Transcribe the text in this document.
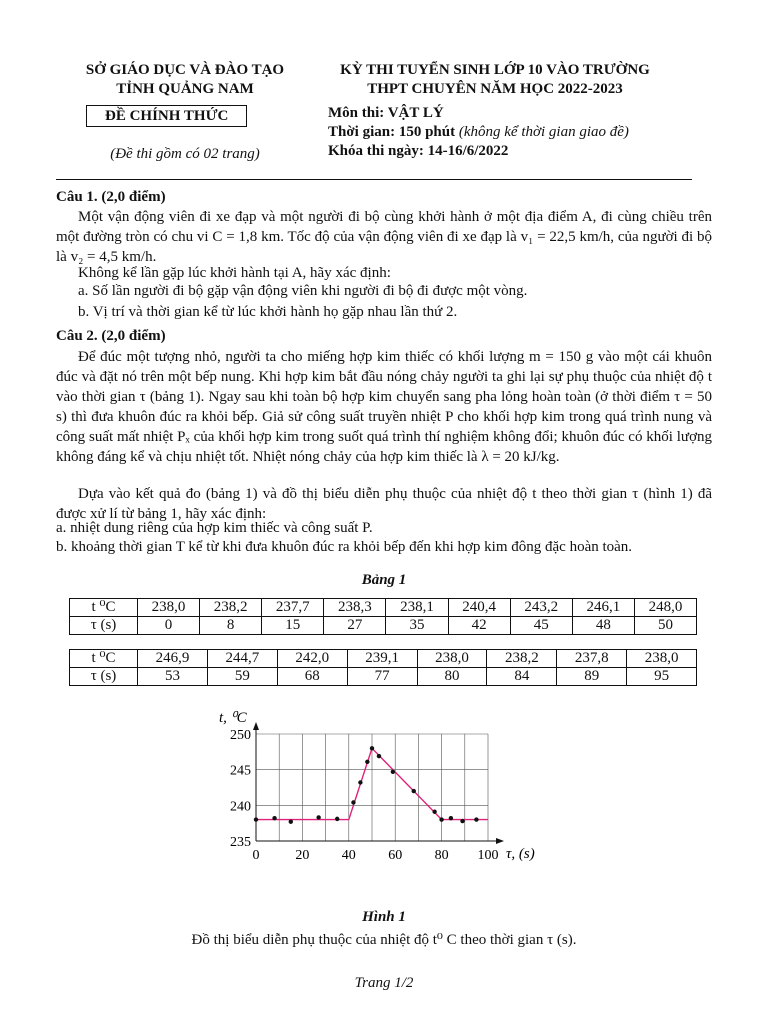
SỞ GIÁO DỤC VÀ ĐÀO TẠO
TỈNH QUẢNG NAM
ĐỀ CHÍNH THỨC
(Đề thi gồm có 02 trang)
KỲ THI TUYỂN SINH LỚP 10 VÀO TRƯỜNG
THPT CHUYÊN NĂM HỌC 2022-2023
Môn thi: VẬT LÝ
Thời gian: 150 phút (không kể thời gian giao đề)
Khóa thi ngày: 14-16/6/2022
Câu 1. (2,0 điểm)
Một vận động viên đi xe đạp và một người đi bộ cùng khởi hành ở một địa điểm A, đi cùng chiều trên một đường tròn có chu vi C = 1,8 km. Tốc độ của vận động viên đi xe đạp là v₁ = 22,5 km/h, của người đi bộ là v₂ = 4,5 km/h.
Không kể lần gặp lúc khởi hành tại A, hãy xác định:
a. Số lần người đi bộ gặp vận động viên khi người đi bộ đi được một vòng.
b. Vị trí và thời gian kể từ lúc khởi hành họ gặp nhau lần thứ 2.
Câu 2. (2,0 điểm)
Để đúc một tượng nhỏ, người ta cho miếng hợp kim thiếc có khối lượng m = 150 g vào một cái khuôn đúc và đặt nó trên một bếp nung. Khi hợp kim bắt đầu nóng chảy người ta ghi lại sự phụ thuộc của nhiệt độ t vào thời gian τ (bảng 1). Ngay sau khi toàn bộ hợp kim chuyển sang pha lỏng hoàn toàn (ở thời điểm τ = 50 s) thì đưa khuôn đúc ra khỏi bếp. Giả sử công suất truyền nhiệt P cho khối hợp kim trong quá trình nung và công suất mất nhiệt Pₓ của khối hợp kim trong suốt quá trình thí nghiệm không đổi; khuôn đúc có khối lượng không đáng kể và chịu nhiệt tốt. Nhiệt nóng chảy của hợp kim thiếc là λ = 20 kJ/kg.
Dựa vào kết quả đo (bảng 1) và đồ thị biểu diễn phụ thuộc của nhiệt độ t theo thời gian τ (hình 1) đã được xử lí từ bảng 1, hãy xác định:
a. nhiệt dung riêng của hợp kim thiếc và công suất P.
b. khoảng thời gian T kể từ khi đưa khuôn đúc ra khỏi bếp đến khi hợp kim đông đặc hoàn toàn.
Bảng 1
t ⁰C	238,0	238,2	237,7	238,3	238,1	240,4	243,2	246,1	248,0
τ (s)	0	8	15	27	35	42	45	48	50
t ⁰C	246,9	244,7	242,0	239,1	238,0	238,2	237,8	238,0
τ (s)	53	59	68	77	80	84	89	95
0	20 40 60 80 100
250
245
240
235
t, ⁰C
τ, (s)
Hình 1
Đồ thị biểu diễn phụ thuộc của nhiệt độ t⁰ C theo thời gian τ (s).
Trang 1/2
